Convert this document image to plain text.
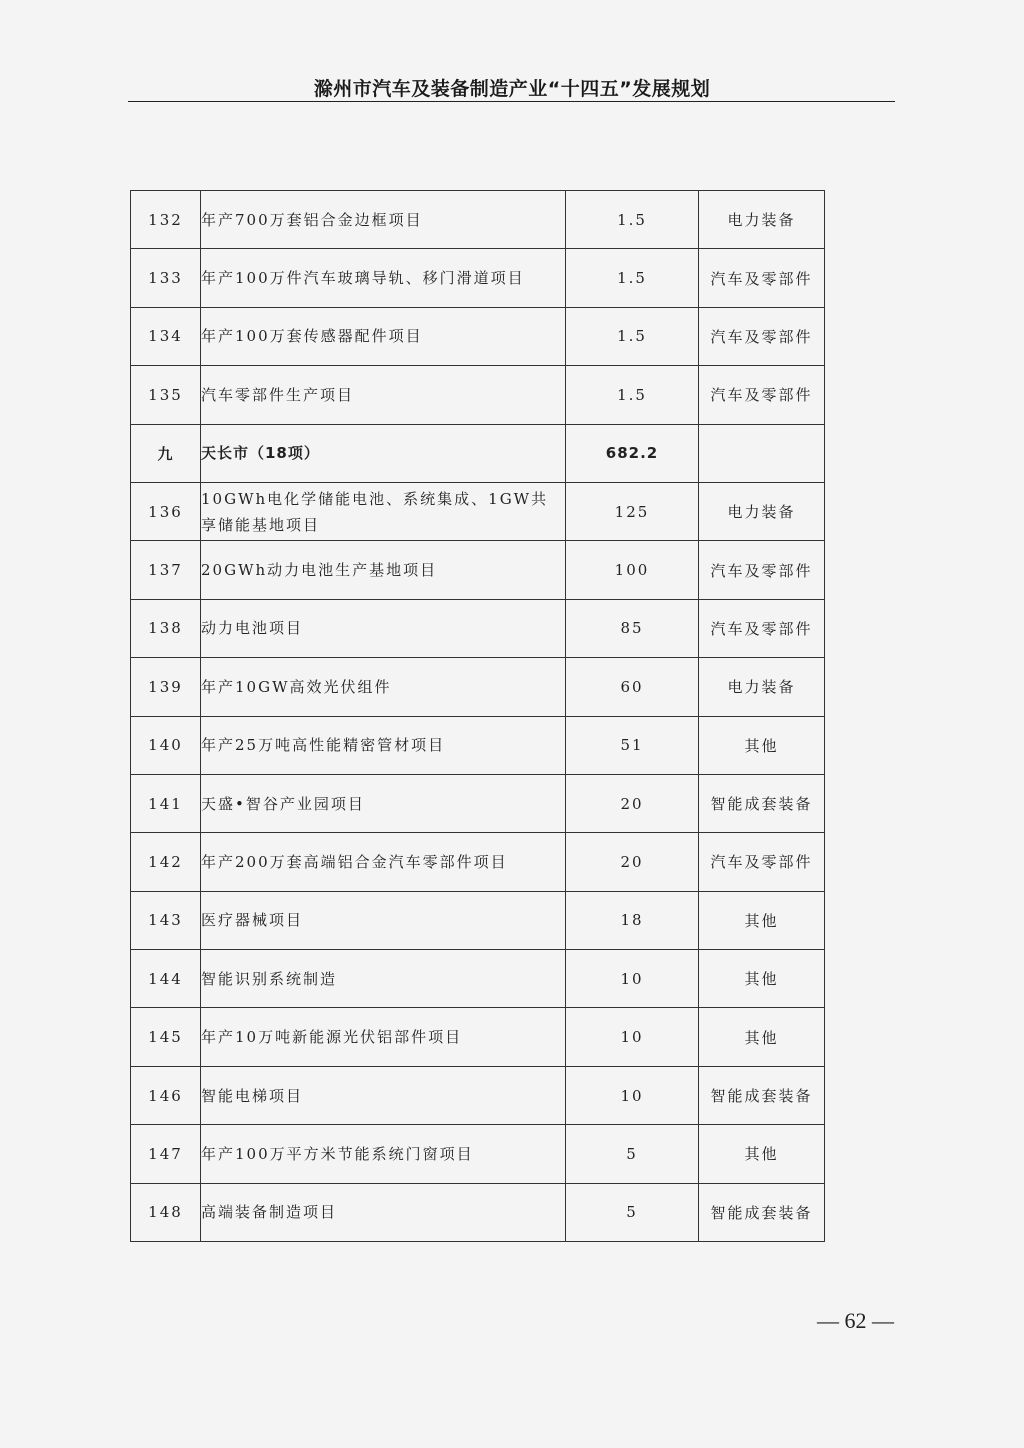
滁州市汽车及装备制造产业“十四五”发展规划
132	年产700万套铝合金边框项目	1.5	电力装备
133	年产100万件汽车玻璃导轨、移门滑道项目	1.5	汽车及零部件
134	年产100万套传感器配件项目	1.5	汽车及零部件
135	汽车零部件生产项目	1.5	汽车及零部件
九	天长市（18项）	682.2	
136	10GWh电化学储能电池、系统集成、1GW共享储能基地项目	125	电力装备
137	20GWh动力电池生产基地项目	100	汽车及零部件
138	动力电池项目	85	汽车及零部件
139	年产10GW高效光伏组件	60	电力装备
140	年产25万吨高性能精密管材项目	51	其他
141	天盛•智谷产业园项目	20	智能成套装备
142	年产200万套高端铝合金汽车零部件项目	20	汽车及零部件
143	医疗器械项目	18	其他
144	智能识别系统制造	10	其他
145	年产10万吨新能源光伏铝部件项目	10	其他
146	智能电梯项目	10	智能成套装备
147	年产100万平方米节能系统门窗项目	5	其他
148	高端装备制造项目	5	智能成套装备
— 62 —
